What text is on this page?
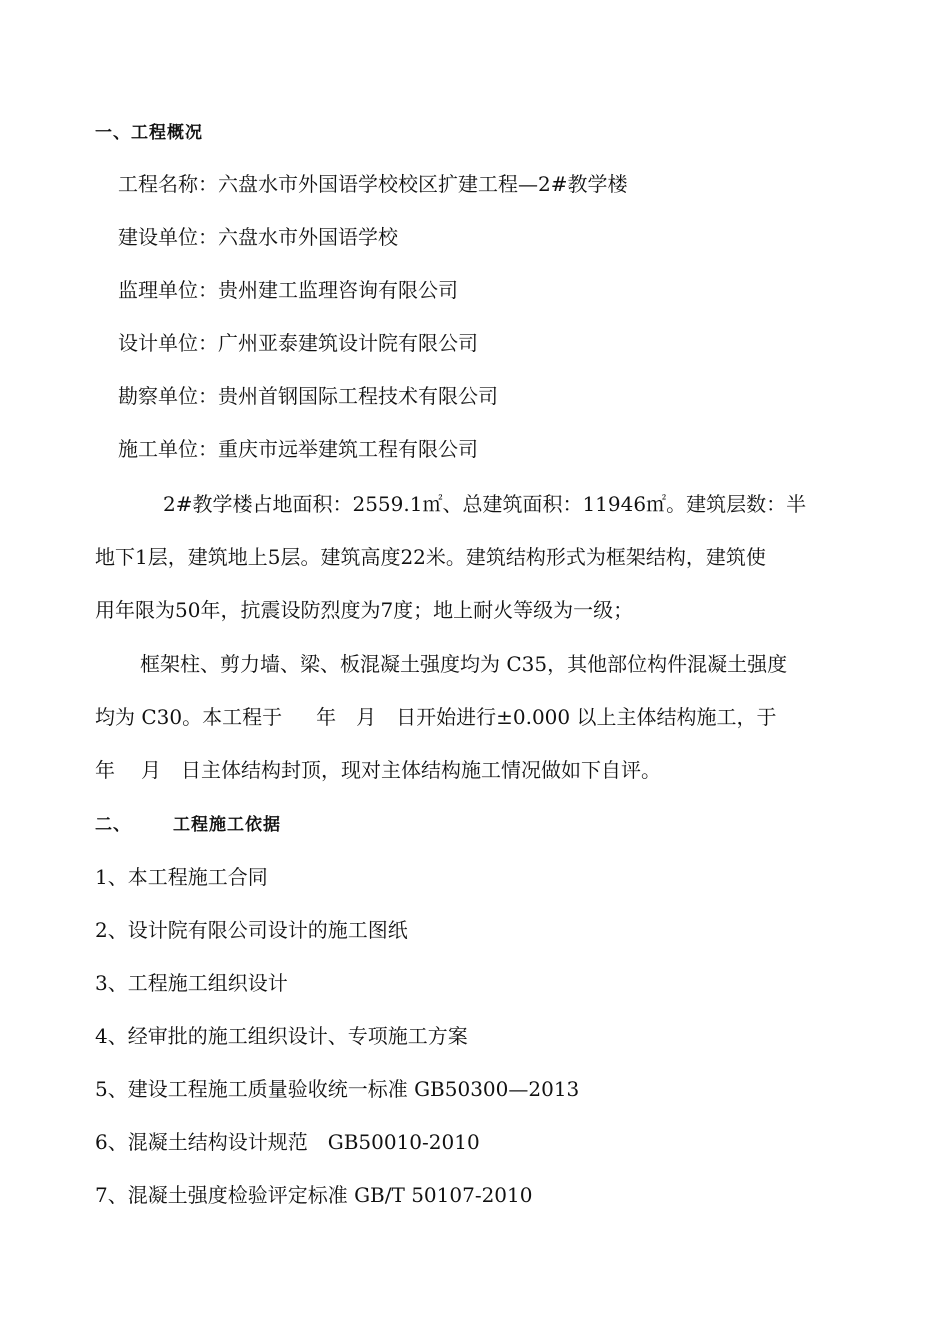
一、工程概况
工程名称：六盘水市外国语学校校区扩建工程—2#教学楼
建设单位：六盘水市外国语学校
监理单位：贵州建工监理咨询有限公司
设计单位：广州亚泰建筑设计院有限公司
勘察单位：贵州首钢国际工程技术有限公司
施工单位：重庆市远举建筑工程有限公司
2#教学楼占地面积：2559.1㎡、总建筑面积：11946㎡。建筑层数：半
地下1层，建筑地上5层。建筑高度22米。建筑结构形式为框架结构，建筑使
用年限为50年，抗震设防烈度为7度；地上耐火等级为一级；
框架柱、剪力墙、梁、板混凝土强度均为 C35，其他部位构件混凝土强度
均为 C30。本工程于 年 月 日开始进行±0.000 以上主体结构施工，于
年 月 日主体结构封顶，现对主体结构施工情况做如下自评。
二、 工程施工依据
1、本工程施工合同
2、设计院有限公司设计的施工图纸
3、工程施工组织设计
4、经审批的施工组织设计、专项施工方案
5、建设工程施工质量验收统一标准 GB50300—2013
6、混凝土结构设计规范　GB50010-2010
7、混凝土强度检验评定标准 GB/T 50107-2010
